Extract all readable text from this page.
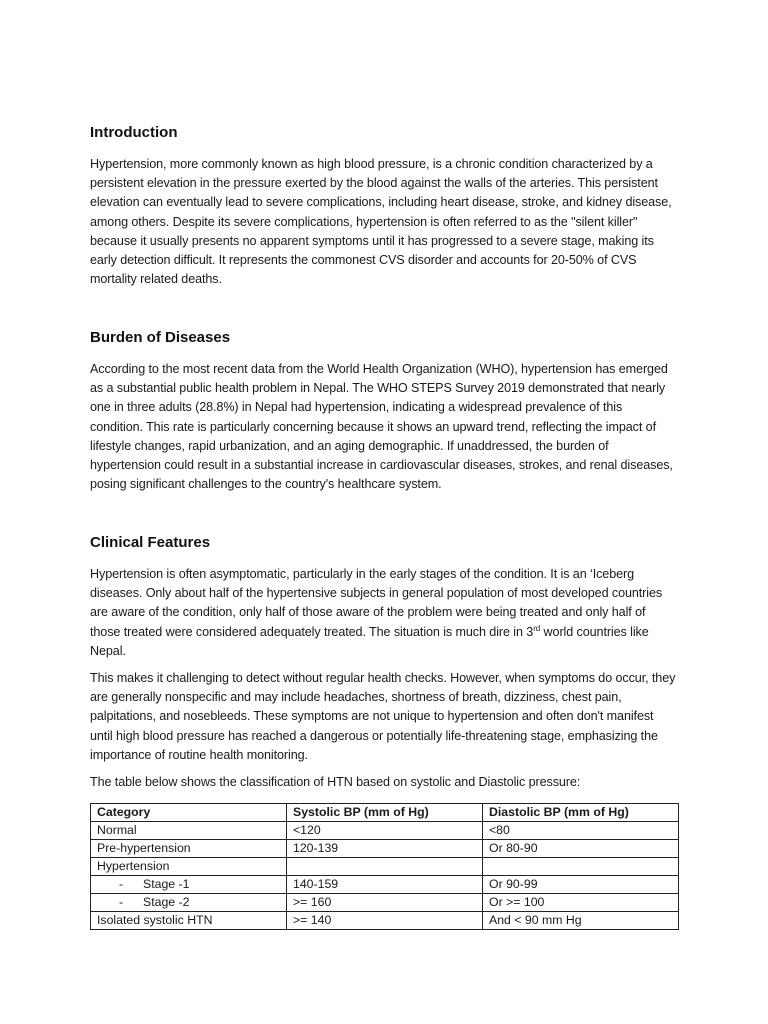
Introduction

Hypertension, more commonly known as high blood pressure, is a chronic condition characterized by a persistent elevation in the pressure exerted by the blood against the walls of the arteries. This persistent elevation can eventually lead to severe complications, including heart disease, stroke, and kidney disease, among others. Despite its severe complications, hypertension is often referred to as the "silent killer" because it usually presents no apparent symptoms until it has progressed to a severe stage, making its early detection difficult. It represents the commonest CVS disorder and accounts for 20-50% of CVS mortality related deaths.

Burden of Diseases

According to the most recent data from the World Health Organization (WHO), hypertension has emerged as a substantial public health problem in Nepal. The WHO STEPS Survey 2019 demonstrated that nearly one in three adults (28.8%) in Nepal had hypertension, indicating a widespread prevalence of this condition. This rate is particularly concerning because it shows an upward trend, reflecting the impact of lifestyle changes, rapid urbanization, and an aging demographic. If unaddressed, the burden of hypertension could result in a substantial increase in cardiovascular diseases, strokes, and renal diseases, posing significant challenges to the country's healthcare system.

Clinical Features

Hypertension is often asymptomatic, particularly in the early stages of the condition. It is an ‘Iceberg diseases. Only about half of the hypertensive subjects in general population of most developed countries are aware of the condition, only half of those aware of the problem were being treated and only half of those treated were considered adequately treated. The situation is much dire in 3rd world countries like Nepal.

This makes it challenging to detect without regular health checks. However, when symptoms do occur, they are generally nonspecific and may include headaches, shortness of breath, dizziness, chest pain, palpitations, and nosebleeds. These symptoms are not unique to hypertension and often don't manifest until high blood pressure has reached a dangerous or potentially life-threatening stage, emphasizing the importance of routine health monitoring.

The table below shows the classification of HTN based on systolic and Diastolic pressure:

Category	Systolic BP (mm of Hg)	Diastolic BP (mm of Hg)
Normal	<120	<80
Pre-hypertension	120-139	Or 80-90
Hypertension		
- Stage -1	140-159	Or 90-99
- Stage -2	>= 160	Or >= 100
Isolated systolic HTN	>= 140	And < 90 mm Hg
